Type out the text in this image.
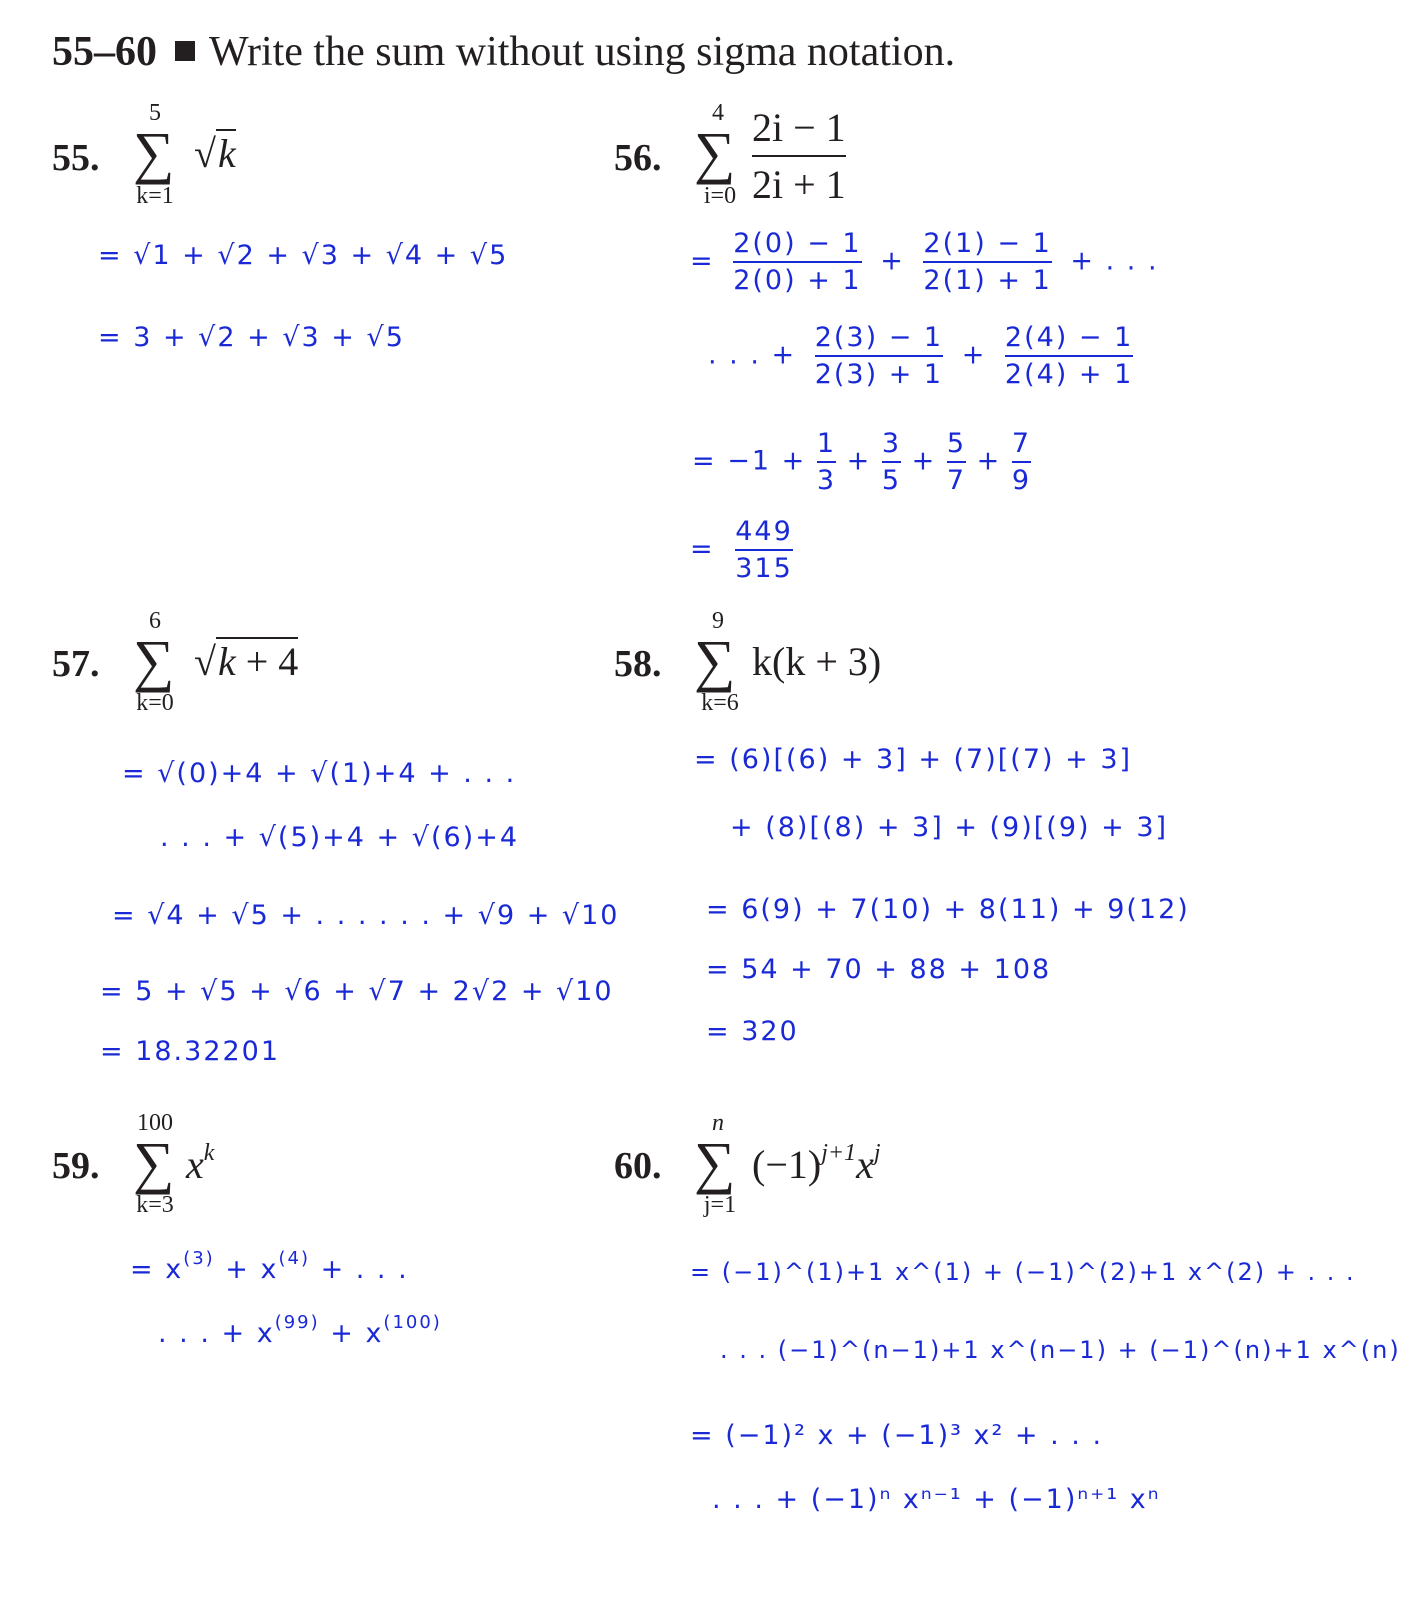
55–60 Write the sum without using sigma notation.
55.
5
∑
k=1
√k
= √1 + √2 + √3 + √4 + √5
= 3 + √2 + √3 + √5
56.
4
∑
$i=0 \frac{2i - 1}{2i + 1}$
= $\frac{2(0) - 1}{2(0) + 1} + \frac{2(1) - 1}{2(1) + 1}$ + . . .
. . . + $\frac{2(3) - 1}{2(3) + 1} + \frac{2(4) - 1}{2(4) + 1}$
= $-1 + \frac{1}{3} + \frac{3}{5} + \frac{5}{7} + \frac{7}{9}$
= $\frac{449}{315}$
57.
6
∑
k=0
√k + 4
= √(0)+4 + √(1)+4 + . . .
. . . + √(5)+4 + √(6)+4
= √4 + √5 + . . . . . . + √9 + √10
= 5 + √5 + √6 + √7 + 2√2 + √10
= 18.32201
58.
9
∑
k=6
k(k + 3)
= (6)[(6) + 3] + (7)[(7) + 3]
+ (8)[(8) + 3] + (9)[(9) + 3]
= 6(9) + 7(10) + 8(11) + 9(12)
= 54 + 70 + 88 + 108
= 320
59.
100
∑
k=3
$x^k$
= $x^{(3)} + x^{(4)}$ + . . .
. . . + $x^{(99)} + x^{(100)}$
60.
n
∑
j=1
$(-1)^{j+1}x^j$
= (−1)^(1)+1 x^(1) + (−1)^(2)+1 x^(2) + . . .
. . . (−1)^(n−1)+1 x^(n−1) + (−1)^(n)+1 x^(n)
= (−1)² x + (−1)³ x² + . . .
. . . + (−1)ⁿ xⁿ⁻¹ + (−1)ⁿ⁺¹ xⁿ
